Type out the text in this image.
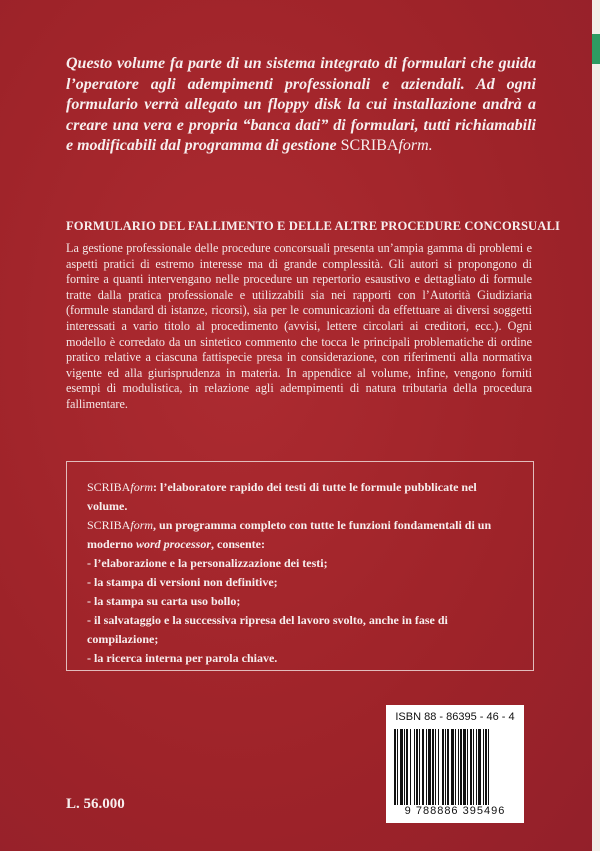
Questo volume fa parte di un sistema integrato di formulari che guida l’operatore agli adempimenti professionali e aziendali. Ad ogni formulario verrà allegato un floppy disk la cui installazione andrà a creare una vera e propria “banca dati” di formulari, tutti richiamabili e modificabili dal programma di gestione SCRIBAform.

FORMULARIO DEL FALLIMENTO E DELLE ALTRE PROCEDURE CONCORSUALI
La gestione professionale delle procedure concorsuali presenta un’ampia gamma di problemi e aspetti pratici di estremo interesse ma di grande complessità. Gli autori si propongono di fornire a quanti intervengano nelle procedure un repertorio esaustivo e dettagliato di formule tratte dalla pratica professionale e utilizzabili sia nei rapporti con l’Autorità Giudiziaria (formule standard di istanze, ricorsi), sia per le comunicazioni da effettuare ai diversi soggetti interessati a vario titolo al procedimento (avvisi, lettere circolari ai creditori, ecc.). Ogni modello è corredato da un sintetico commento che tocca le principali problematiche di ordine pratico relative a ciascuna fattispecie presa in considerazione, con riferimenti alla normativa vigente ed alla giurisprudenza in materia. In appendice al volume, infine, vengono forniti esempi di modulistica, in relazione agli adempimenti di natura tributaria della procedura fallimentare.
SCRIBAform: l’elaboratore rapido dei testi di tutte le formule pubblicate nel volume.
SCRIBAform, un programma completo con tutte le funzioni fondamentali di un moderno word processor, consente:
- l’elaborazione e la personalizzazione dei testi;
- la stampa di versioni non definitive;
- la stampa su carta uso bollo;
- il salvataggio e la successiva ripresa del lavoro svolto, anche in fase di compilazione;
- la ricerca interna per parola chiave.
ISBN 88 - 86395 - 46 - 4
9 788886 395496
L. 56.000
